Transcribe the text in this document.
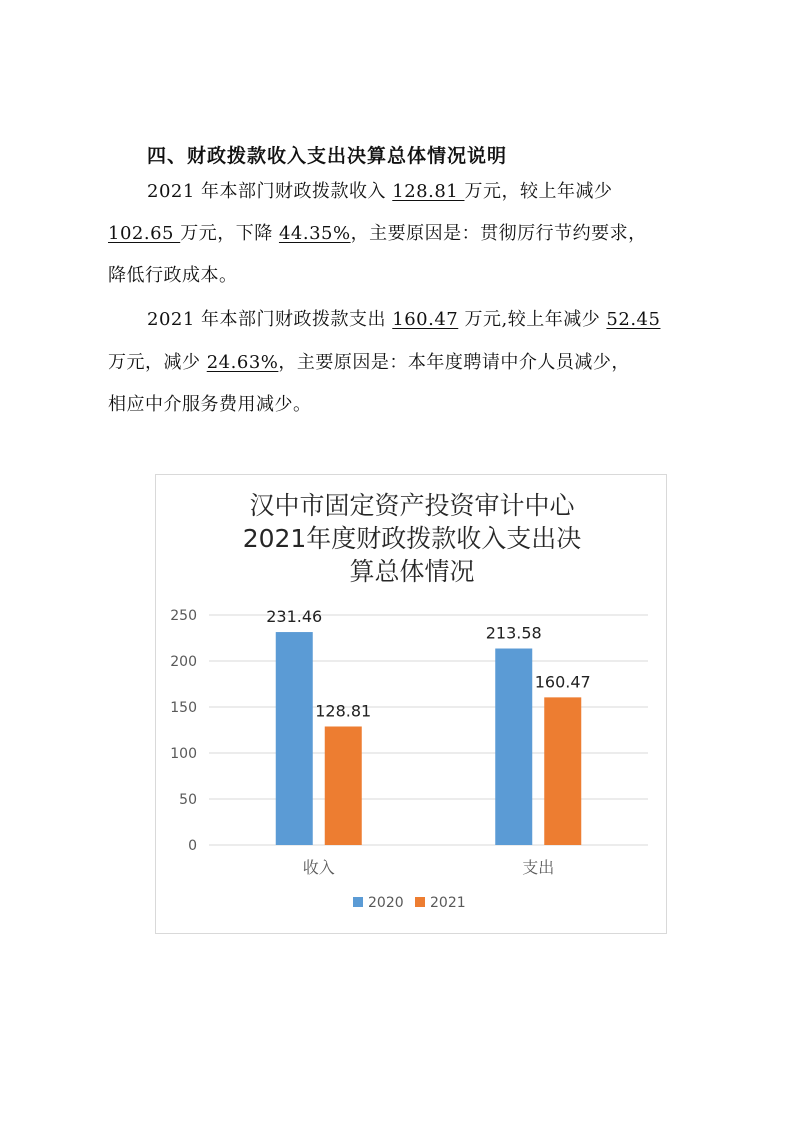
四、财政拨款收入支出决算总体情况说明
2021 年本部门财政拨款收入 128.81 万元，较上年减少
102.65 万元，下降 44.35%，主要原因是：贯彻厉行节约要求，
降低行政成本。
2021 年本部门财政拨款支出 160.47 万元,较上年减少 52.45
万元，减少 24.63%，主要原因是：本年度聘请中介人员减少，
相应中介服务费用减少。
汉中市固定资产投资审计中心
2021年度财政拨款收入支出决
算总体情况
0
50
100
150
200
250	231.46
128.81
收入
213.58
160.47
支出
2020 2021
